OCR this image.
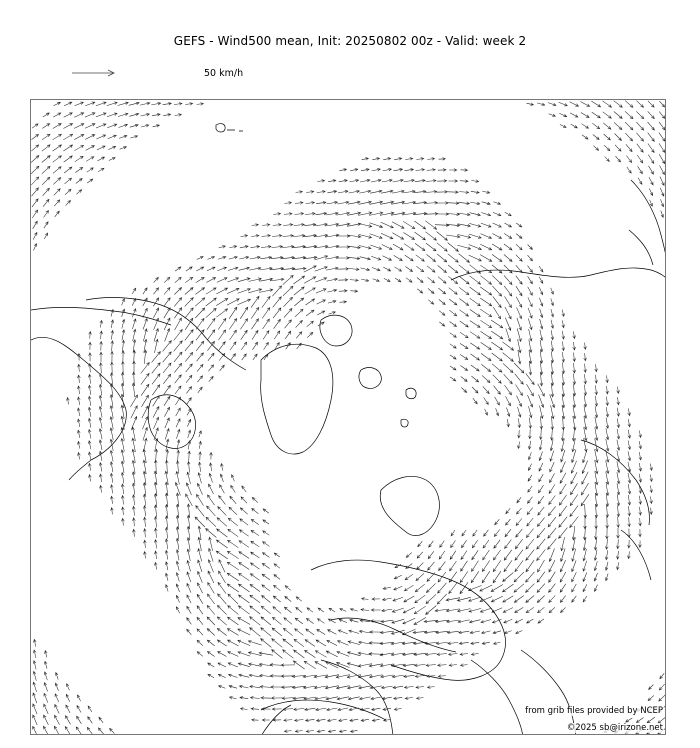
GEFS - Wind500 mean, Init: 20250802 00z - Valid: week 2
50 km/h
from grib files provided by NCEP
©2025 sb@irizone.net
